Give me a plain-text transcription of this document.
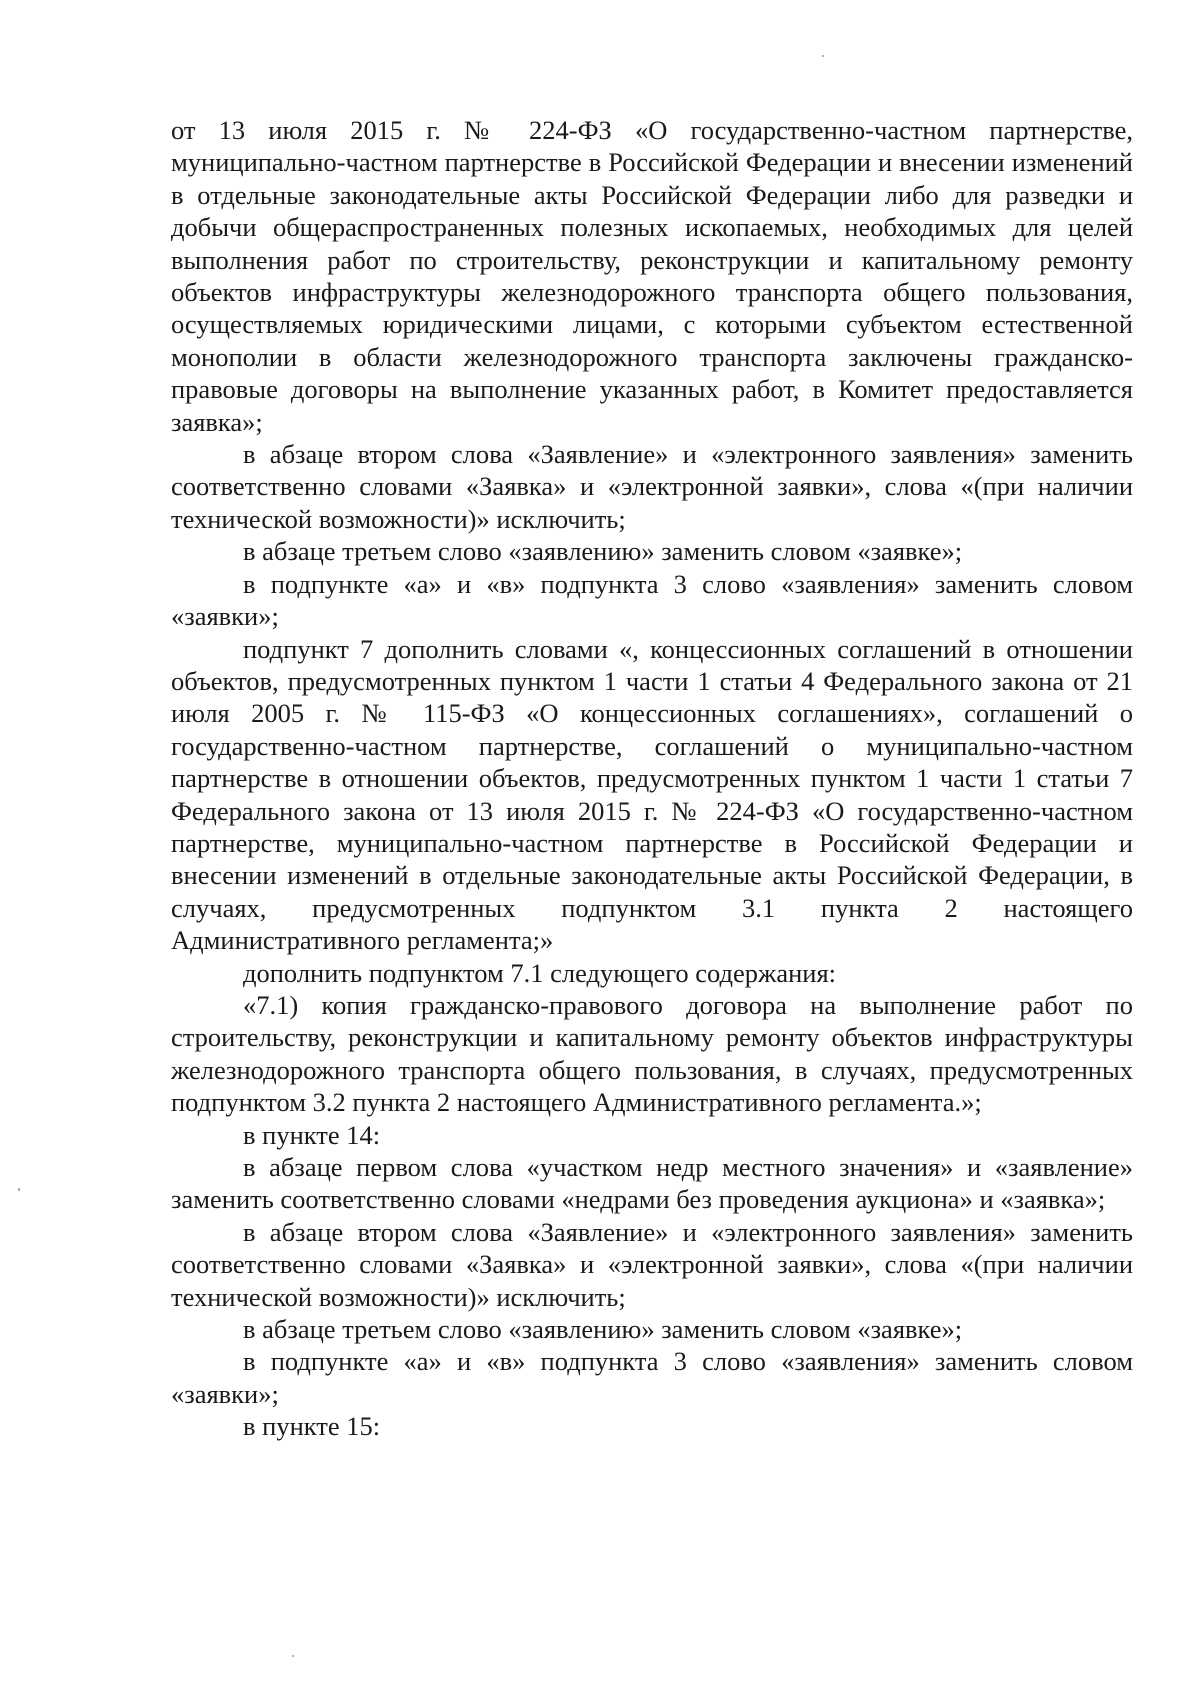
от 13 июля 2015 г. № 224-ФЗ «О государственно-частном партнерстве, муниципально-частном партнерстве в Российской Федерации и внесении изменений в отдельные законодательные акты Российской Федерации либо для разведки и добычи общераспространенных полезных ископаемых, необходимых для целей выполнения работ по строительству, реконструкции и капитальному ремонту объектов инфраструктуры железнодорожного транспорта общего пользования, осуществляемых юридическими лицами, с которыми субъектом естественной монополии в области железнодорожного транспорта заключены гражданско-правовые договоры на выполнение указанных работ, в Комитет предоставляется заявка»;

в абзаце втором слова «Заявление» и «электронного заявления» заменить соответственно словами «Заявка» и «электронной заявки», слова «(при наличии технической возможности)» исключить;

в абзаце третьем слово «заявлению» заменить словом «заявке»;

в подпункте «а» и «в» подпункта 3 слово «заявления» заменить словом «заявки»;

подпункт 7 дополнить словами «, концессионных соглашений в отношении объектов, предусмотренных пунктом 1 части 1 статьи 4 Федерального закона от 21 июля 2005 г. № 115-ФЗ «О концессионных соглашениях», соглашений о государственно-частном партнерстве, соглашений о муниципально-частном партнерстве в отношении объектов, предусмотренных пунктом 1 части 1 статьи 7 Федерального закона от 13 июля 2015 г. № 224-ФЗ «О государственно-частном партнерстве, муниципально-частном партнерстве в Российской Федерации и внесении изменений в отдельные законодательные акты Российской Федерации, в случаях, предусмотренных подпунктом 3.1 пункта 2 настоящего Административного регламента;»

дополнить подпунктом 7.1 следующего содержания:

«7.1) копия гражданско-правового договора на выполнение работ по строительству, реконструкции и капитальному ремонту объектов инфраструктуры железнодорожного транспорта общего пользования, в случаях, предусмотренных подпунктом 3.2 пункта 2 настоящего Административного регламента.»;

в пункте 14:

в абзаце первом слова «участком недр местного значения» и «заявление» заменить соответственно словами «недрами без проведения аукциона» и «заявка»;

в абзаце втором слова «Заявление» и «электронного заявления» заменить соответственно словами «Заявка» и «электронной заявки», слова «(при наличии технической возможности)» исключить;

в абзаце третьем слово «заявлению» заменить словом «заявке»;

в подпункте «а» и «в» подпункта 3 слово «заявления» заменить словом «заявки»;

в пункте 15:
